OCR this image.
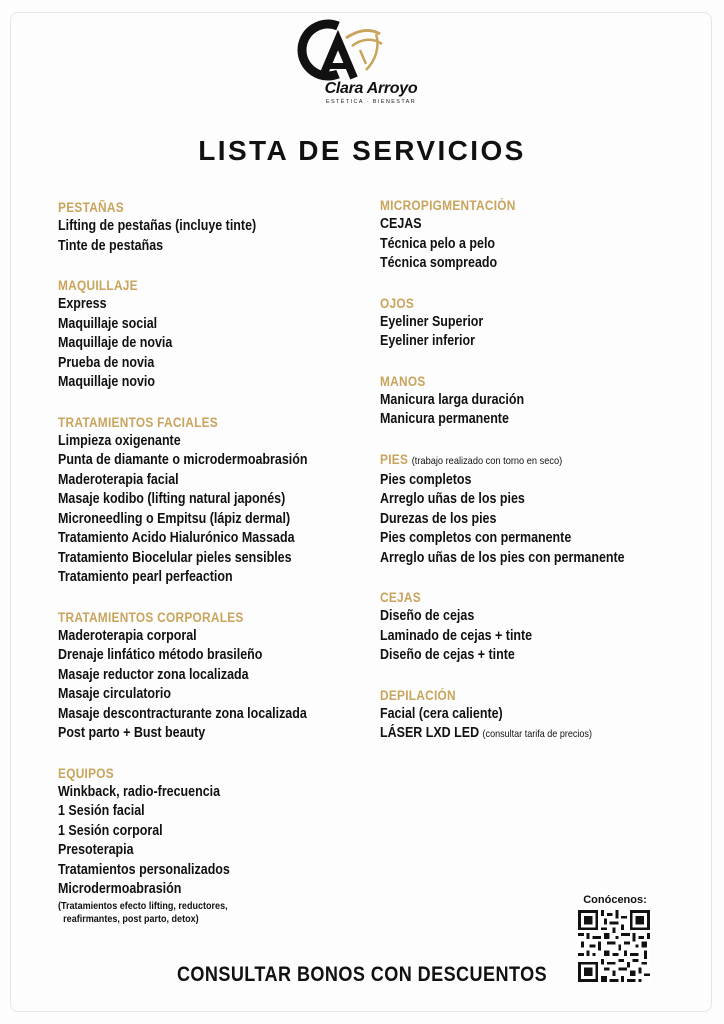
Clara Arroyo
ESTÉTICA · BIENESTAR
LISTA DE SERVICIOS
PESTAÑAS
Lifting de pestañas (incluye tinte)
Tinte de pestañas
MAQUILLAJE
Express
Maquillaje social
Maquillaje de novia
Prueba de novia
Maquillaje novio
TRATAMIENTOS FACIALES
Limpieza oxigenante
Punta de diamante o microdermoabrasión
Maderoterapia facial
Masaje kodibo (lifting natural japonés)
Microneedling o Empitsu (lápiz dermal)
Tratamiento Acido Hialurónico Massada
Tratamiento Biocelular pieles sensibles
Tratamiento pearl perfeaction
TRATAMIENTOS CORPORALES
Maderoterapia corporal
Drenaje linfático método brasileño
Masaje reductor zona localizada
Masaje circulatorio
Masaje descontracturante zona localizada
Post parto + Bust beauty
EQUIPOS
Winkback, radio-frecuencia
1 Sesión facial
1 Sesión corporal
Presoterapia
Tratamientos personalizados
Microdermoabrasión
(Tratamientos efecto lifting, reductores,
reafirmantes, post parto, detox)
MICROPIGMENTACIÓN
CEJAS
Técnica pelo a pelo
Técnica sompreado
OJOS
Eyeliner Superior
Eyeliner inferior
MANOS
Manicura larga duración
Manicura permanente
PIES (trabajo realizado con torno en seco)
Pies completos
Arreglo uñas de los pies
Durezas de los pies
Pies completos con permanente
Arreglo uñas de los pies con permanente
CEJAS
Diseño de cejas
Laminado de cejas + tinte
Diseño de cejas + tinte
DEPILACIÓN
Facial (cera caliente)
LÁSER LXD LED (consultar tarifa de precios)
CONSULTAR BONOS CON DESCUENTOS
Conócenos:
